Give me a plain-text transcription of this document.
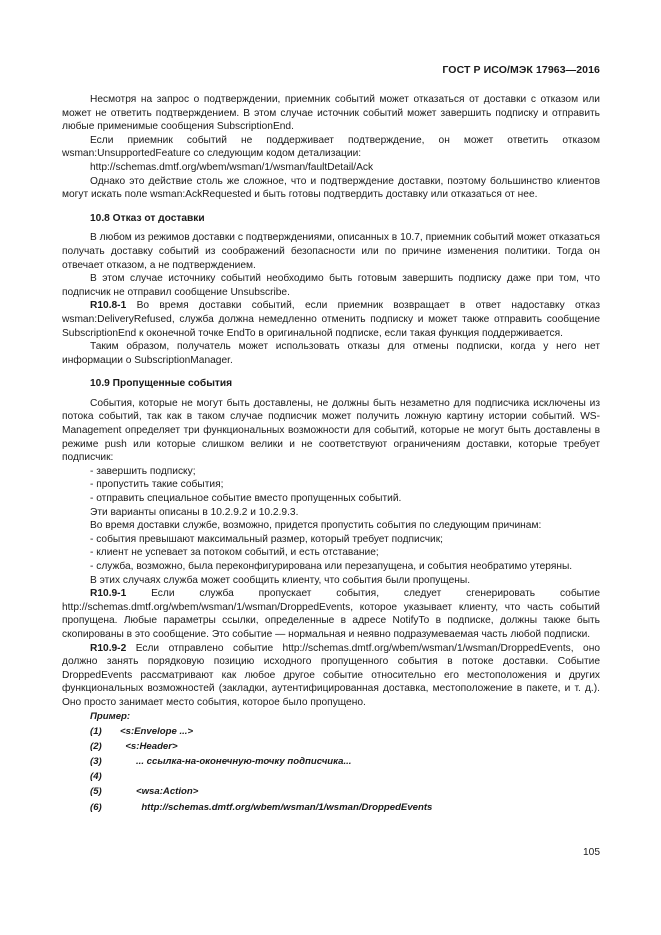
ГОСТ Р ИСО/МЭК 17963—2016

Несмотря на запрос о подтверждении, приемник событий может отказаться от доставки с отказом или может не ответить подтверждением. В этом случае источник событий может завершить подписку и отправить любые применимые сообщения SubscriptionEnd.

Если приемник событий не поддерживает подтверждение, он может ответить отказом wsman:UnsupportedFeature со следующим кодом детализации:

http://schemas.dmtf.org/wbem/wsman/1/wsman/faultDetail/Ack

Однако это действие столь же сложное, что и подтверждение доставки, поэтому большинство клиентов могут искать поле wsman:AckRequested и быть готовы подтвердить доставку или отказаться от нее.

10.8 Отказ от доставки

В любом из режимов доставки с подтверждениями, описанных в 10.7, приемник событий может отказаться получать доставку событий из соображений безопасности или по причине изменения политики. Тогда он отвечает отказом, а не подтверждением.

В этом случае источнику событий необходимо быть готовым завершить подписку даже при том, что подписчик не отправил сообщение Unsubscribe.

R10.8-1 Во время доставки событий, если приемник возвращает в ответ надоставку отказ wsman:DeliveryRefused, служба должна немедленно отменить подписку и может также отправить сообщение SubscriptionEnd к оконечной точке EndTo в оригинальной подписке, если такая функция поддерживается.

Таким образом, получатель может использовать отказы для отмены подписки, когда у него нет информации о SubscriptionManager.

10.9 Пропущенные события

События, которые не могут быть доставлены, не должны быть незаметно для подписчика исключены из потока событий, так как в таком случае подписчик может получить ложную картину истории событий. WS-Management определяет три функциональных возможности для событий, которые не могут быть доставлены в режиме push или которые слишком велики и не соответствуют ограничениям доставки, которые требует подписчик:

- завершить подписку;
- пропустить такие события;
- отправить специальное событие вместо пропущенных событий.

Эти варианты описаны в 10.2.9.2 и 10.2.9.3.

Во время доставки службе, возможно, придется пропустить события по следующим причинам:

- события превышают максимальный размер, который требует подписчик;

- клиент не успевает за потоком событий, и есть отставание;

- служба, возможно, была переконфигурирована или перезапущена, и события необратимо утеряны.

В этих случаях служба может сообщить клиенту, что события были пропущены.

R10.9-1 Если служба пропускает события, следует сгенерировать событие http://schemas.dmtf.org/wbem/wsman/1/wsman/DroppedEvents, которое указывает клиенту, что часть событий пропущена. Любые параметры ссылки, определенные в адресе NotifyTo в подписке, должны также быть скопированы в это сообщение. Это событие — нормальная и неявно подразумеваемая часть любой подписки.

R10.9-2 Если отправлено событие http://schemas.dmtf.org/wbem/wsman/1/wsman/DroppedEvents, оно должно занять порядковую позицию исходного пропущенного события в потоке доставки. Событие DroppedEvents рассматривают как любое другое событие относительно его местоположения и других функциональных возможностей (закладки, аутентифицированная доставка, местоположение в пакете, и т. д.). Оно просто занимает место события, которое было пропущено.

Пример:
(1) <s:Envelope ...>
(2)  <s:Header>
(3)      ... ссылка-на-оконечную-точку подписчика...
(4)
(5)      <wsa:Action>
(6)        http://schemas.dmtf.org/wbem/wsman/1/wsman/DroppedEvents
105
